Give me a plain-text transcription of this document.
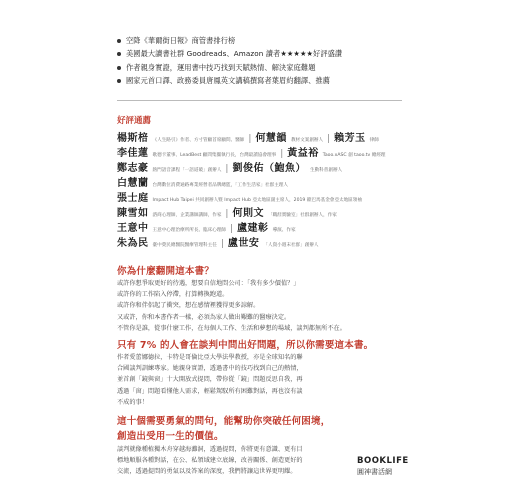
空降《華爾街日報》商管書排行榜
美國最大讀書社群 Goodreads、Amazon 讀者★★★★★好評盛讚
作者親身實證，運用書中技巧找到天賦熱情、解決家庭難題
國家元首口譯、政務委員唐鳳英文講稿撰寫者葉眉約翻譯、推薦
好評通薦
楊斯棓 《人生路引》作者、方寸管顧首席顧問、醫師 | 何慧韻 教材文案創辦人 | 賴芳玉 律師
李佳蓮 歌德卡董事、LeadBest 顧問集團執行長，台灣最讀協會理事 | 黃益裕 Taoo.xASC 創 taoo.tv 總經理
鄭志豪 熱門語音課程「一語道破」創辦人 | 劉俊佑（鮑魚） 生動科普創辦人
白慧蘭 台灣數位消費通路專業經營者品牌總監，「工作生活家」社群主理人
張士庭 Impact Hub Taipei 共同創辦人暨 Impact Hub 亞太地區副主席人，2019 歐巴馬基金會亞太地區領袖
陳雪如 諮商心理師，企業講師講師，作家 | 何則文 「職涯實驗室」社群創辦人，作家
王意中 王意中心理治療所所長、臨床心理師 | 盧建彰 導演、作家
朱為民 臺中榮民總醫院醫療管理科主任 | 盧世安 「人資小週末社群」創辦人
你為什麼翻開這本書？
或許你想爭取更好的待遇，想要自信地問公司：「我有多少價值？」
或許你的工作陷入停滯，打算轉換跑道。
或許你和伴侶起了衝突，想在感情裡獲得更多諒解。
又或許，你和本書作者一樣，必須為家人做出艱難的醫療決定。
不管你是誰，從事什麼工作，在每個人工作、生活和夢想的場域，談判都無所不在。
只有 7% 的人會在談判中問出好問題，所以你需要這本書。
作者愛蕾娜德拉，卡特是哥倫比亞大學法學教授，亦是全球知名的聯
合國談判訓練專家。她親身實證，透過書中的技巧找到自己的熱情，
並首創「鏡與窗」十大開放式提問，帶你從「鏡」問題反思自我，再
透過「窗」問題看懂他人需求，輕鬆駕馭所有困難對話，再也沒有談
不成的事！
這十個需要勇氣的問句，能幫助你突破任何困境，
創造出受用一生的價值。
談判就像種植獨木舟穿越海灘洞，透過提問，你將更有意識、更有目
標地順服各種對話，在公、私領域建立底線，改善關係、創造更好的
交流，透過提問的勇氣以及答案的深度，我們將讓這世界更明耀。
BOOKLIFE
圓神書活網
